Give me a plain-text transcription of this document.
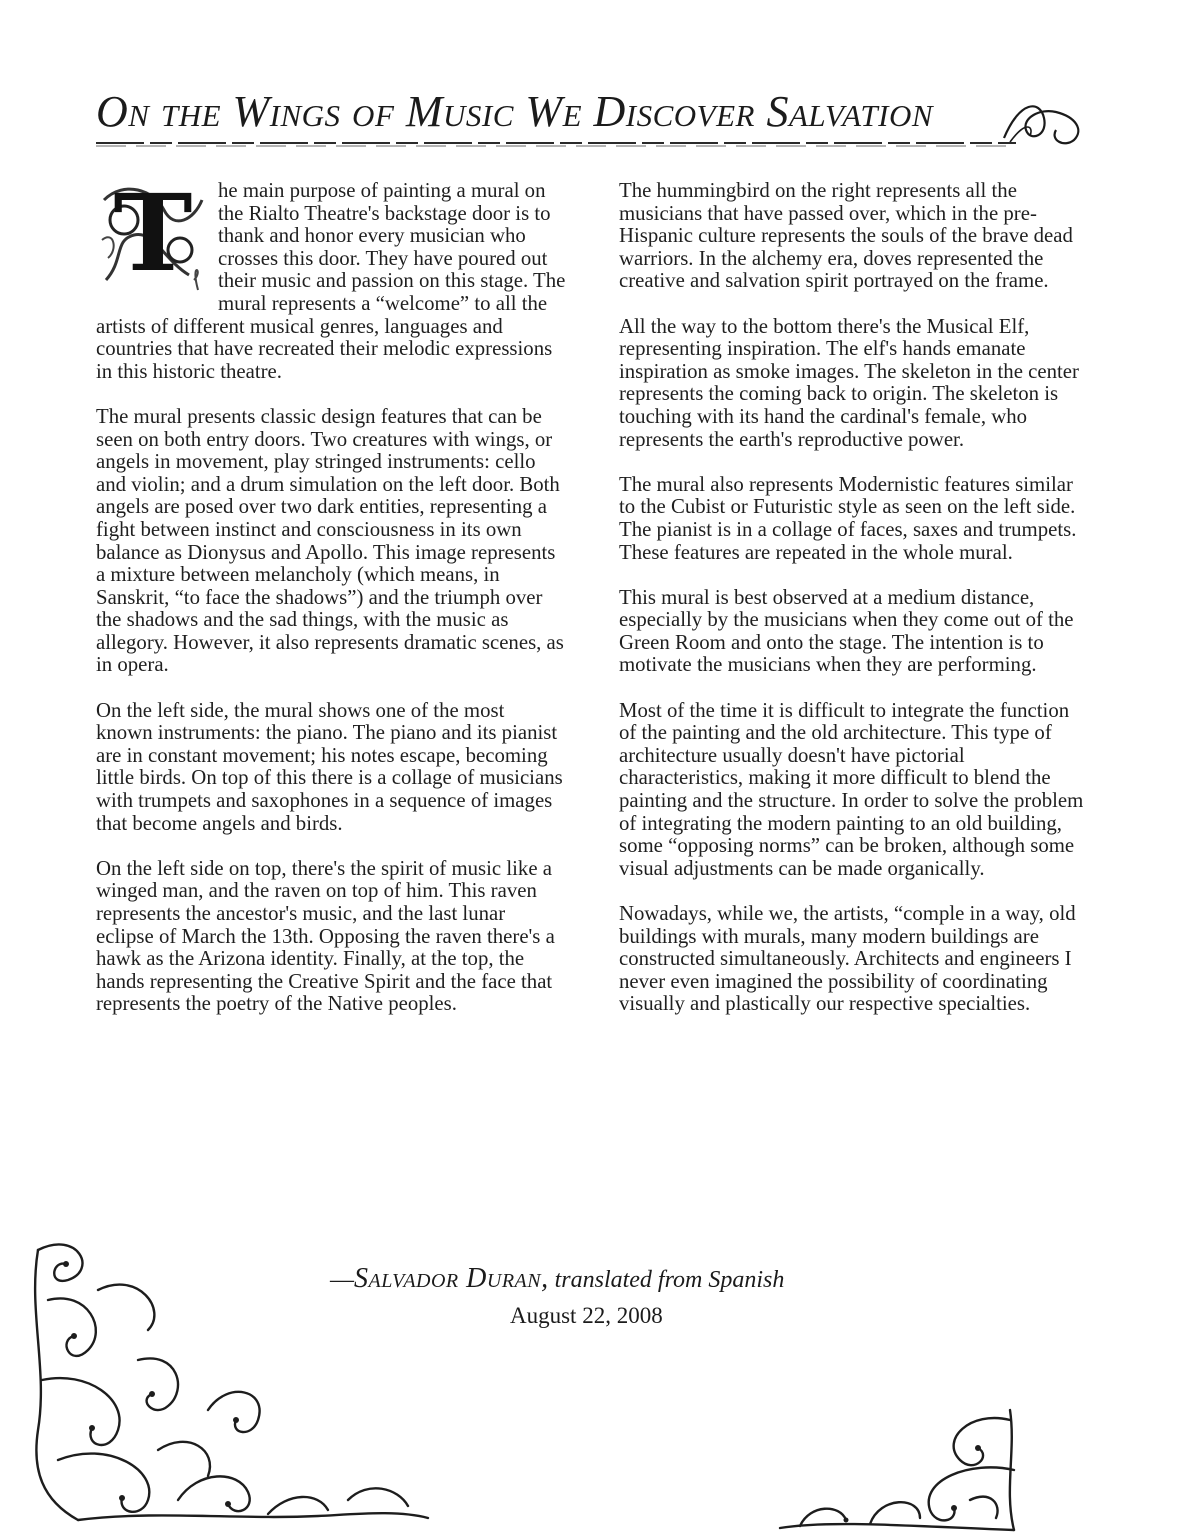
On the Wings of Music We Discover Salvation

T	he main purpose of painting a mural on the Rialto Theatre's backstage door is to thank and honor every musician who crosses this door. They have poured out their music and passion on this stage. The mural represents a “welcome” to all the artists of different musical genres, languages and countries that have recreated their melodic expressions in this historic theatre.

The mural presents classic design features that can be seen on both entry doors. Two creatures with wings, or angels in movement, play stringed instruments: cello and violin; and a drum simulation on the left door. Both angels are posed over two dark entities, representing a fight between instinct and consciousness in its own balance as Dionysus and Apollo. This image represents a mixture between melancholy (which means, in Sanskrit, “to face the shadows”) and the triumph over the shadows and the sad things, with the music as allegory. However, it also represents dramatic scenes, as in opera.

On the left side, the mural shows one of the most known instruments: the piano. The piano and its pianist are in constant movement; his notes escape, becoming little birds. On top of this there is a collage of musicians with trumpets and saxophones in a sequence of images that become angels and birds.

On the left side on top, there's the spirit of music like a winged man, and the raven on top of him. This raven represents the ancestor's music, and the last lunar eclipse of March the 13th. Opposing the raven there's a hawk as the Arizona identity. Finally, at the top, the hands representing the Creative Spirit and the face that represents the poetry of the Native peoples.

The hummingbird on the right represents all the musicians that have passed over, which in the pre-Hispanic culture represents the souls of the brave dead warriors. In the alchemy era, doves represented the creative and salvation spirit portrayed on the frame.

All the way to the bottom there's the Musical Elf, representing inspiration. The elf's hands emanate inspiration as smoke images. The skeleton in the center represents the coming back to origin. The skeleton is touching with its hand the cardinal's female, who represents the earth's reproductive power.

The mural also represents Modernistic features similar to the Cubist or Futuristic style as seen on the left side. The pianist is in a collage of faces, saxes and trumpets. These features are repeated in the whole mural.

This mural is best observed at a medium distance, especially by the musicians when they come out of the Green Room and onto the stage. The intention is to motivate the musicians when they are performing.

Most of the time it is difficult to integrate the function of the painting and the old architecture. This type of architecture usually doesn't have pictorial characteristics, making it more difficult to blend the painting and the structure. In order to solve the problem of integrating the modern painting to an old building, some “opposing norms” can be broken, although some visual adjustments can be made organically.

Nowadays, while we, the artists, “comple in a way, old buildings with murals, many modern buildings are constructed simultaneously. Architects and engineers I never even imagined the possibility of coordinating visually and plastically our respective specialties.

—Salvador Duran, translated from Spanish
August 22, 2008
